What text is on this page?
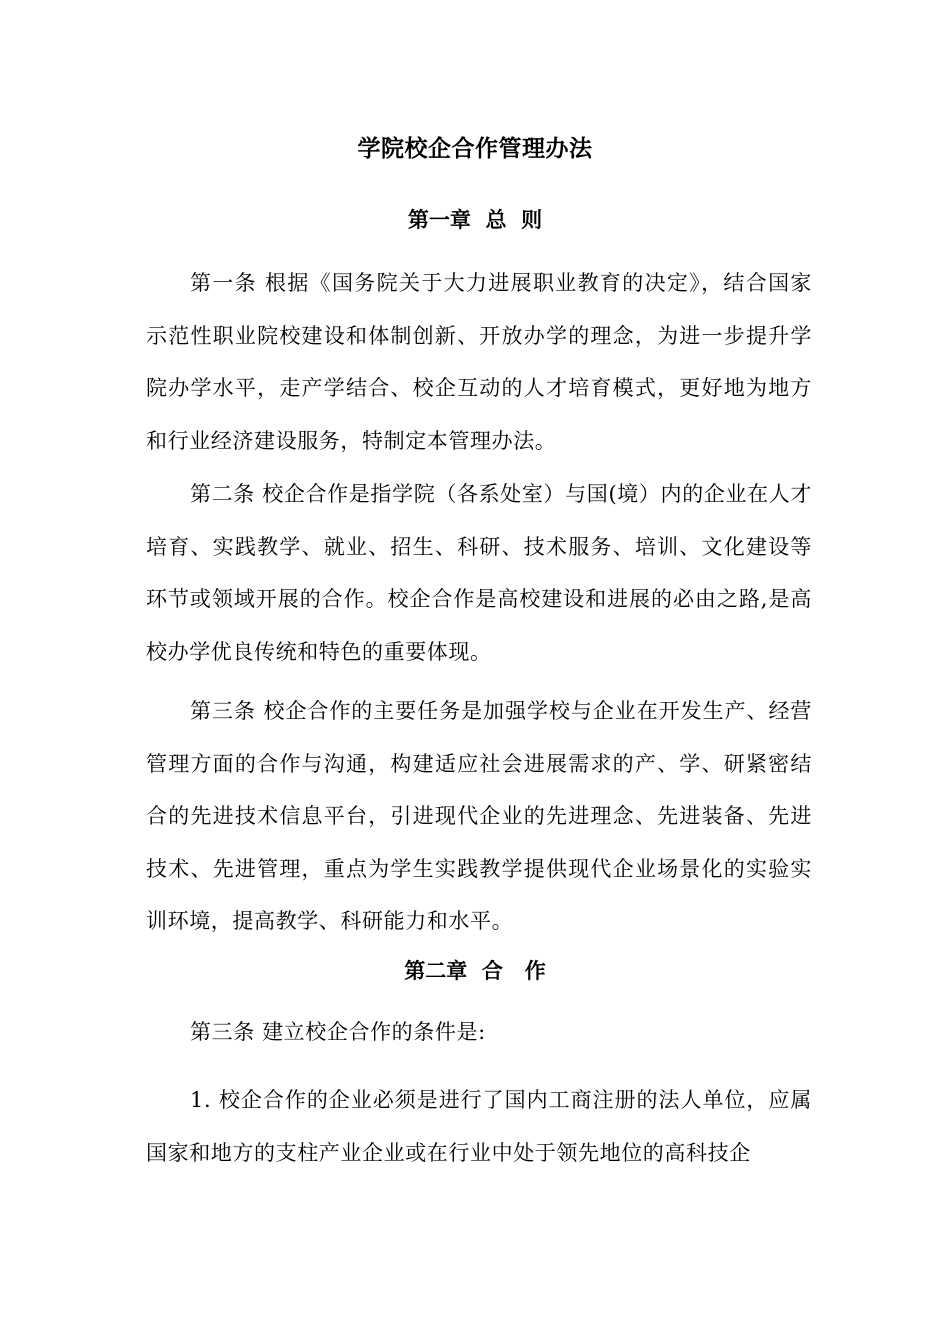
学院校企合作管理办法
第一章  总  则

第一条 根据《国务院关于大力进展职业教育的决定》，结合国家示范性职业院校建设和体制创新、开放办学的理念，为进一步提升学院办学水平，走产学结合、校企互动的人才培育模式，更好地为地方和行业经济建设服务，特制定本管理办法。

第二条 校企合作是指学院（各系处室）与国(境）内的企业在人才培育、实践教学、就业、招生、科研、技术服务、培训、文化建设等环节或领域开展的合作。校企合作是高校建设和进展的必由之路,是高校办学优良传统和特色的重要体现。

第三条 校企合作的主要任务是加强学校与企业在开发生产、经营管理方面的合作与沟通，构建适应社会进展需求的产、学、研紧密结合的先进技术信息平台，引进现代企业的先进理念、先进装备、先进技术、先进管理，重点为学生实践教学提供现代企业场景化的实验实训环境，提高教学、科研能力和水平。

第二章  合   作

第三条 建立校企合作的条件是:

1. 校企合作的企业必须是进行了国内工商注册的法人单位，应属国家和地方的支柱产业企业或在行业中处于领先地位的高科技企
